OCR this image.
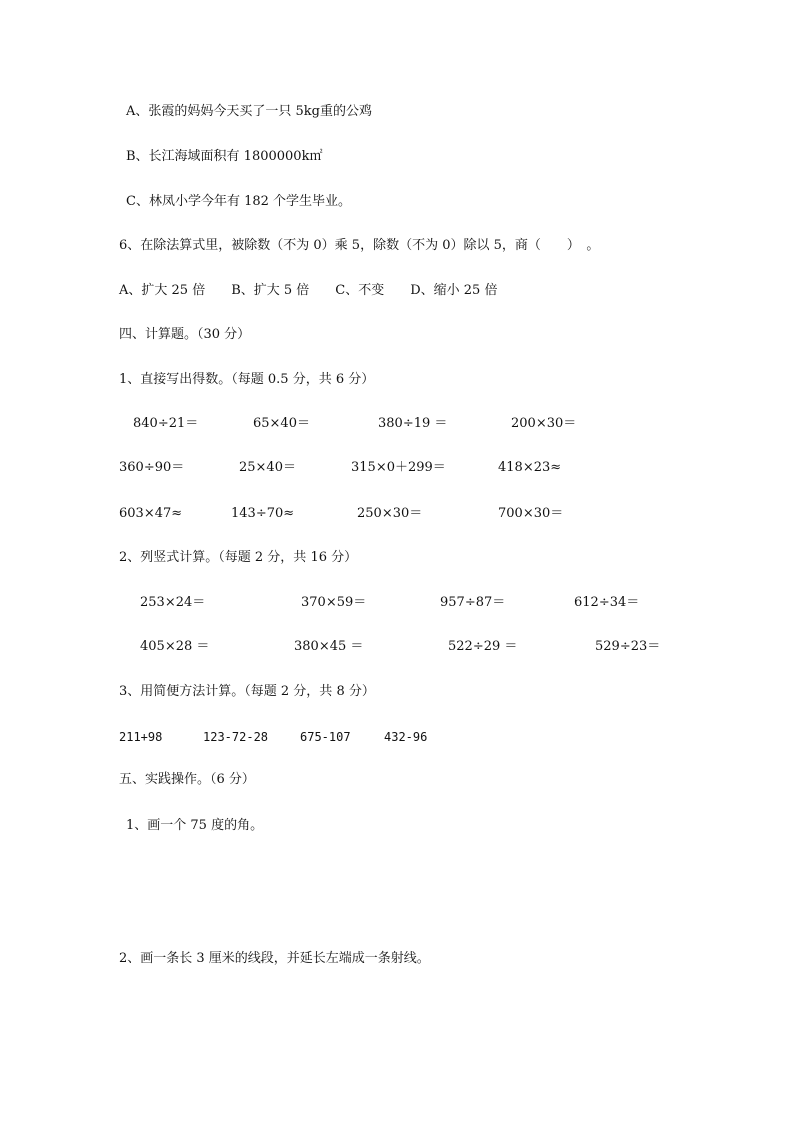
A、张霞的妈妈今天买了一只 5kg重的公鸡
B、长江海域面积有 1800000k㎡
C、林凤小学今年有 182 个学生毕业。
6、在除法算式里，被除数（不为 0）乘 5，除数（不为 0）除以 5，商（　　）　。
A、扩大 25 倍　　B、扩大 5 倍　　C、不变　　D、缩小 25 倍
四、计算题。（30 分）
1、直接写出得数。（每题 0.5 分，共 6 分）
840÷21＝	65×40＝	380÷19 ＝	200×30＝
360÷90＝	25×40＝	315×0＋299＝	418×23≈
603×47≈	143÷70≈	250×30＝	700×30＝
2、列竖式计算。（每题 2 分，共 16 分）
253×24＝	370×59＝	957÷87＝	612÷34＝
405×28 ＝	380×45 ＝	522÷29 ＝	529÷23＝
3、用简便方法计算。（每题 2 分，共 8 分）
211+98	123-72-28	675-107	432-96
五、实践操作。（6 分）
1、画一个 75 度的角。
2、画一条长 3 厘米的线段，并延长左端成一条射线。
